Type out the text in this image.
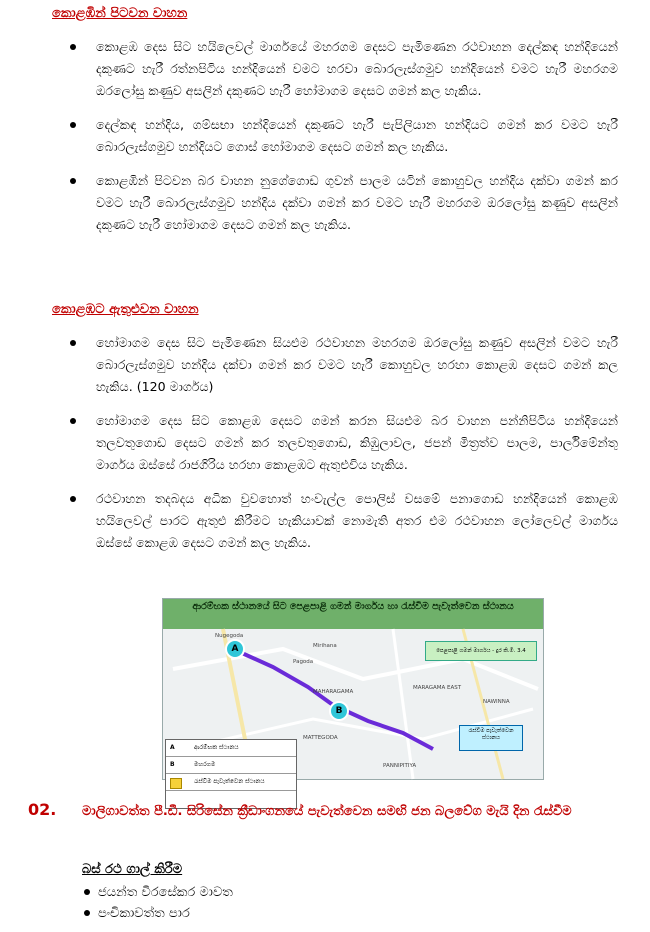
කොළඹින් පිටවන වාහන
කොළඹ දෙස සිට හයිලෙවල් මාර්ගයේ මහරගම දෙසට පැමිණෙන රථවාහන දෙල්කඳ හන්දියෙන් දකුණට හැරී රත්නපිටිය හන්දියෙන් වමට හරවා බොරලැස්ගමුව හන්දියෙන් වමට හැරී මහරගම ඔරලෝසු කණුව අසලින් දකුණට හැරී හෝමාගම දෙසට ගමන් කල හැකිය.
දෙල්කඳ හන්දිය, ගම්සභා හන්දියෙන් දකුණට හැරී පැපිලියාන හන්දියට ගමන් කර වමට හැරී බොරලැස්ගමුව හන්දියට ගොස් හෝමාගම දෙසට ගමන් කල හැකිය.
කොළඹින් පිටවන බර වාහන නුගේගොඩ ගුවන් පාලම යටින් කොහුවල හන්දිය දක්වා ගමන් කර වමට හැරී බොරලැස්ගමුව හන්දිය දක්වා ගමන් කර වමට හැරී මහරගම ඔරලෝසු කණුව අසලින් දකුණට හැරී හෝමාගම දෙසට ගමන් කල හැකිය.
කොළඹට ඇතුළුවන වාහන
හෝමාගම දෙස සිට පැමිණෙන සියළුම රථවාහන මහරගම ඔරලෝසු කණුව අසලින් වමට හැරී බොරලැස්ගමුව හන්දිය දක්වා ගමන් කර වමට හැරී කොහුවල හරහා කොළඹ දෙසට ගමන් කල හැකිය. (120 මාර්ගය)
හෝමාගම දෙස සිට කොළඹ දෙසට ගමන් කරන සියළුම බර වාහන පන්නිපිටිය හන්දියෙන් තලවතුගොඩ දෙසට ගමන් කර තලවතුගොඩ, කිඹුලාවල, ජපන් මිත්‍රත්ව පාලම, පාර්ලිමේන්තු මාර්ගය ඔස්සේ රාජගිරිය හරහා කොළඹට ඇතුළුවිය හැකිය.
රථවාහන තදබදය අධික වුවහොත් හංවැල්ල පොලිස් වසමේ පනාගොඩ හන්දියෙන් කොළඹ හයිලෙවල් පාරට ඇතුළු කිරීමට හැකියාවක් නොමැති අතර එම රථවාහන ලෝලෙවල් මාර්ගය ඔස්සේ කොළඹ දෙසට ගමන් කල හැකිය.
ආරම්භක ස්ථානයේ සිට පෙළපාළි ගමන් මාර්ගය හා රැස්වීම පැවැත්වෙන ස්ථානය
A
B
Nugegoda
Mirihana
Pagoda
MARAGAMA EAST
MAHARAGAMA
MATTEGODA
NAWINNA
PANNIPITIYA
පෙළපාළි ගමන් මාර්ගය - දුර කි.මී. 3.4
රැස්වීම පැවැත්වෙන ස්ථානය
A	ආරම්භක ස්ථානය
B	මහරගම
රැස්වීම පැවැත්වෙන ස්ථානය
02. මාලිගාවත්ත පී.ඩී. සිරිසේන ක්‍රීඩාංගනයේ පැවැත්වෙන සමඟි ජන බලවේග මැයි දින රැස්වීම
බස් රථ ගාල් කිරීම
ජයන්ත වීරසේකර මාවත
පංචිකාවත්ත පාර
